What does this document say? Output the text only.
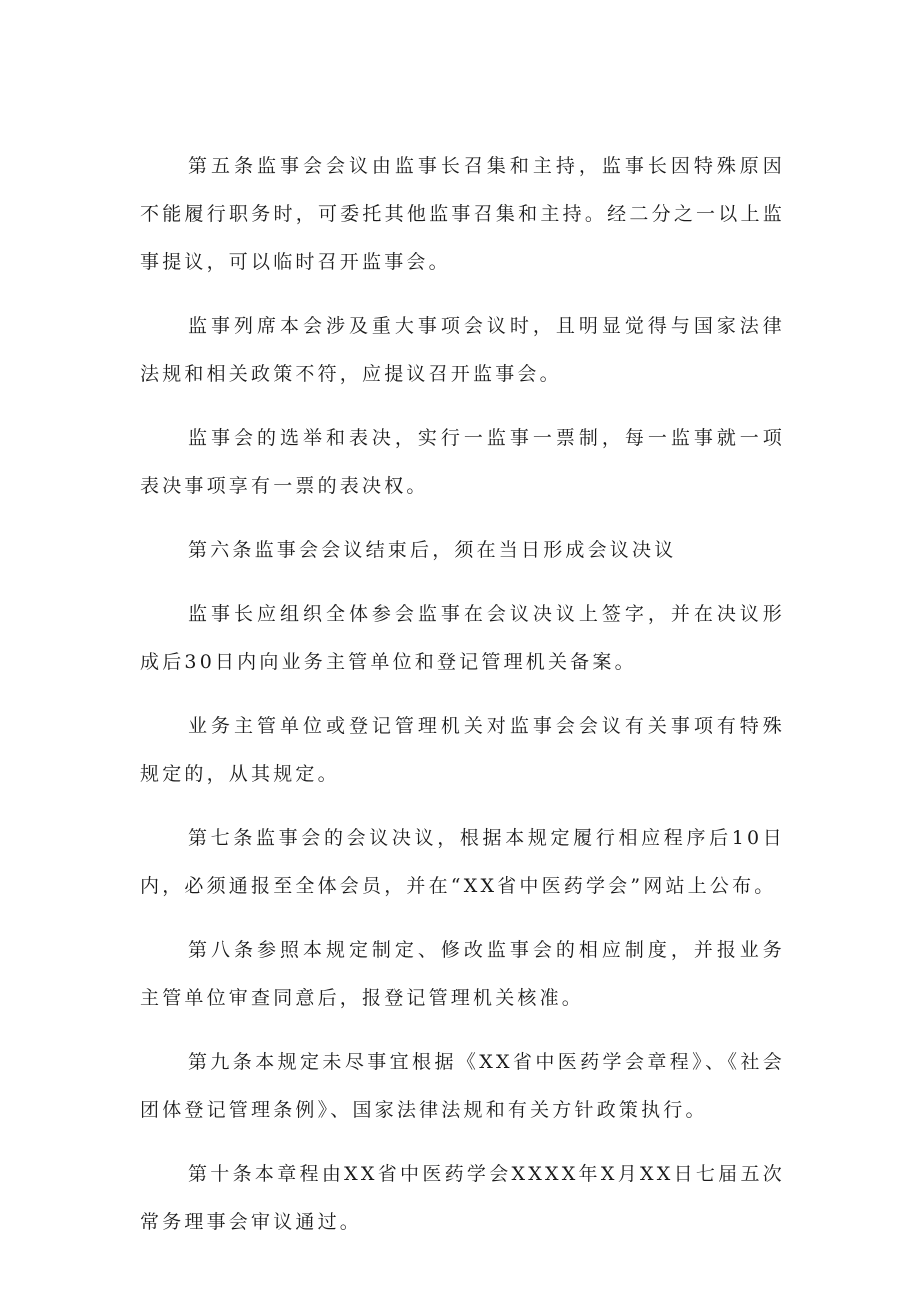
第五条监事会会议由监事长召集和主持，监事长因特殊原因不能履行职务时，可委托其他监事召集和主持。经二分之一以上监事提议，可以临时召开监事会。

监事列席本会涉及重大事项会议时，且明显觉得与国家法律法规和相关政策不符，应提议召开监事会。

监事会的选举和表决，实行一监事一票制，每一监事就一项表决事项享有一票的表决权。

第六条监事会会议结束后，须在当日形成会议决议

监事长应组织全体参会监事在会议决议上签字，并在决议形成后30日内向业务主管单位和登记管理机关备案。

业务主管单位或登记管理机关对监事会会议有关事项有特殊规定的，从其规定。

第七条监事会的会议决议，根据本规定履行相应程序后10日内，必须通报至全体会员，并在“XX省中医药学会”网站上公布。

第八条参照本规定制定、修改监事会的相应制度，并报业务主管单位审查同意后，报登记管理机关核准。

第九条本规定未尽事宜根据《XX省中医药学会章程》、《社会团体登记管理条例》、国家法律法规和有关方针政策执行。

第十条本章程由XX省中医药学会XXXX年X月XX日七届五次常务理事会审议通过。
